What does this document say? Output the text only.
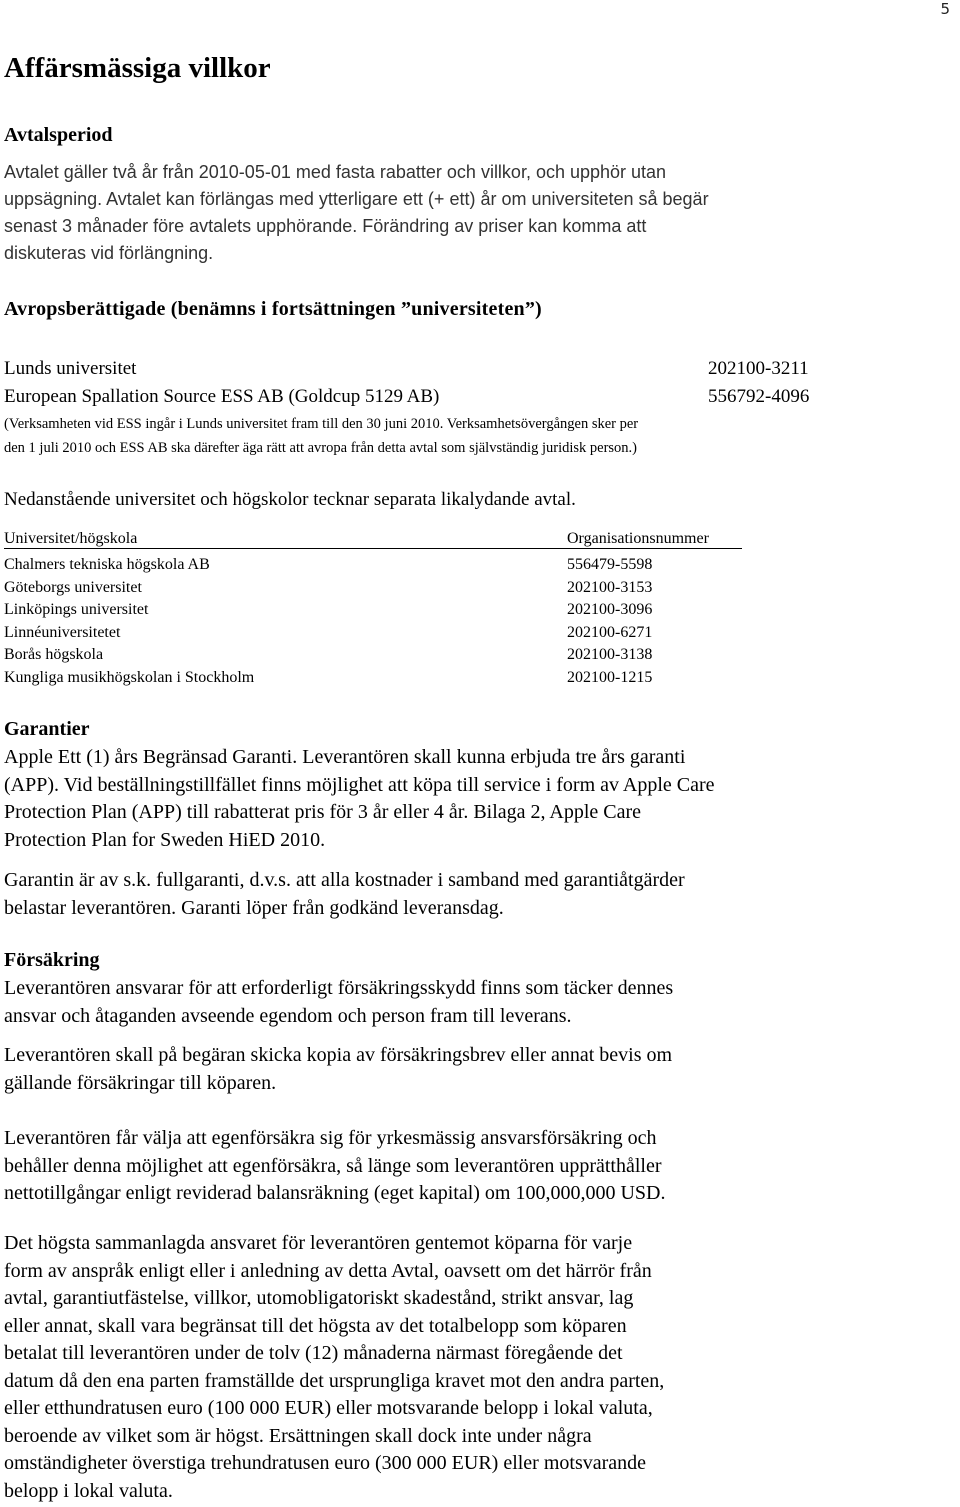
5
Affärsmässiga villkor
Avtalsperiod
Avtalet gäller två år från 2010-05-01 med fasta rabatter och villkor, och upphör utan
uppsägning. Avtalet kan förlängas med ytterligare ett (+ ett) år om universiteten så begär
senast 3 månader före avtalets upphörande. Förändring av priser kan komma att
diskuteras vid förlängning.
Avropsberättigade (benämns i fortsättningen ”universiteten”)
Lunds universitet	202100-3211
European Spallation Source ESS AB (Goldcup 5129 AB)	556792-4096
(Verksamheten vid ESS ingår i Lunds universitet fram till den 30 juni 2010. Verksamhetsövergången sker per
den 1 juli 2010 och ESS AB ska därefter äga rätt att avropa från detta avtal som självständig juridisk person.)
Nedanstående universitet och högskolor tecknar separata likalydande avtal.
Universitet/högskola	Organisationsnummer
Chalmers tekniska högskola AB	556479-5598
Göteborgs universitet	202100-3153
Linköpings universitet	202100-3096
Linnéuniversitetet	202100-6271
Borås högskola	202100-3138
Kungliga musikhögskolan i Stockholm	202100-1215
Garantier
Apple Ett (1) års Begränsad Garanti. Leverantören skall kunna erbjuda tre års garanti
(APP). Vid beställningstillfället finns möjlighet att köpa till service i form av Apple Care
Protection Plan (APP) till rabatterat pris för 3 år eller 4 år. Bilaga 2, Apple Care
Protection Plan for Sweden HiED 2010.
Garantin är av s.k. fullgaranti, d.v.s. att alla kostnader i samband med garantiåtgärder
belastar leverantören. Garanti löper från godkänd leveransdag.
Försäkring
Leverantören ansvarar för att erforderligt försäkringsskydd finns som täcker dennes
ansvar och åtaganden avseende egendom och person fram till leverans.
Leverantören skall på begäran skicka kopia av försäkringsbrev eller annat bevis om
gällande försäkringar till köparen.
Leverantören får välja att egenförsäkra sig för yrkesmässig ansvarsförsäkring och
behåller denna möjlighet att egenförsäkra, så länge som leverantören upprätthåller
nettotillgångar enligt reviderad balansräkning (eget kapital) om 100,000,000 USD.
Det högsta sammanlagda ansvaret för leverantören gentemot köparna för varje
form av anspråk enligt eller i anledning av detta Avtal, oavsett om det härrör från
avtal, garantiutfästelse, villkor, utomobligatoriskt skadestånd, strikt ansvar, lag
eller annat, skall vara begränsat till det högsta av det totalbelopp som köparen
betalat till leverantören under de tolv (12) månaderna närmast föregående det
datum då den ena parten framställde det ursprungliga kravet mot den andra parten,
eller etthundratusen euro (100 000 EUR) eller motsvarande belopp i lokal valuta,
beroende av vilket som är högst. Ersättningen skall dock inte under några
omständigheter överstiga trehundratusen euro (300 000 EUR) eller motsvarande
belopp i lokal valuta.
